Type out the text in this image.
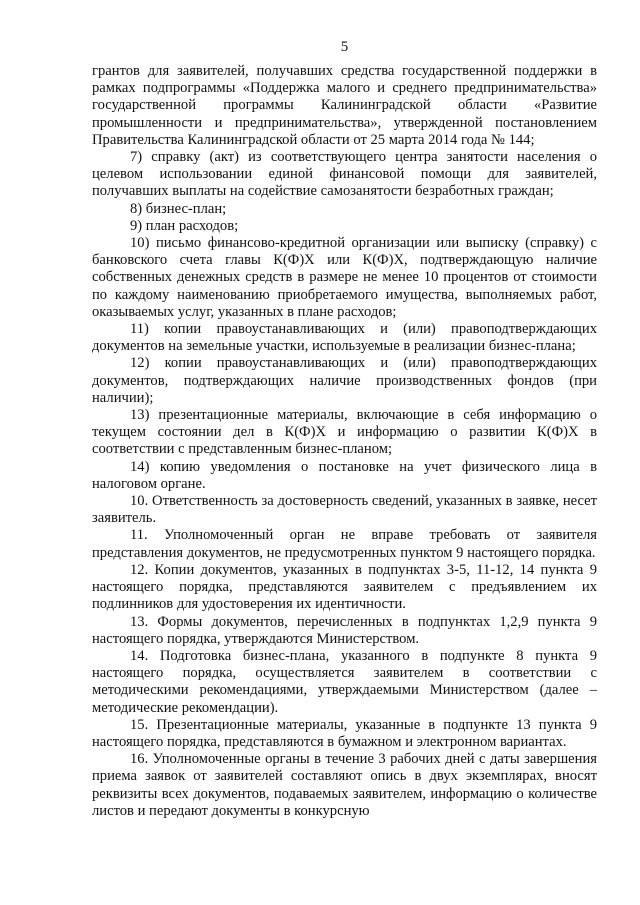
5

грантов для заявителей, получавших средства государственной поддержки в рамках подпрограммы «Поддержка малого и среднего предпринимательства» государственной программы Калининградской области «Развитие промышленности и предпринимательства», утвержденной постановлением Правительства Калининградской области от 25 марта 2014 года № 144;

7) справку (акт) из соответствующего центра занятости населения о целевом использовании единой финансовой помощи для заявителей, получавших выплаты на содействие самозанятости безработных граждан;

8) бизнес-план;

9) план расходов;

10) письмо финансово-кредитной организации или выписку (справку) с банковского счета главы К(Ф)Х или К(Ф)Х, подтверждающую наличие собственных денежных средств в размере не менее 10 процентов от стоимости по каждому наименованию приобретаемого имущества, выполняемых работ, оказываемых услуг, указанных в плане расходов;

11) копии правоустанавливающих и (или) правоподтверждающих документов на земельные участки, используемые в реализации бизнес-плана;

12) копии правоустанавливающих и (или) правоподтверждающих документов, подтверждающих наличие производственных фондов (при наличии);

13) презентационные материалы, включающие в себя информацию о текущем состоянии дел в К(Ф)Х и информацию о развитии К(Ф)Х в соответствии с представленным бизнес-планом;

14) копию уведомления о постановке на учет физического лица в налоговом органе.

10. Ответственность за достоверность сведений, указанных в заявке, несет заявитель.

11. Уполномоченный орган не вправе требовать от заявителя представления документов, не предусмотренных пунктом 9 настоящего порядка.

12. Копии документов, указанных в подпунктах 3-5, 11-12, 14 пункта 9 настоящего порядка, представляются заявителем с предъявлением их подлинников для удостоверения их идентичности.

13. Формы документов, перечисленных в подпунктах 1,2,9 пункта 9 настоящего порядка, утверждаются Министерством.

14. Подготовка бизнес-плана, указанного в подпункте 8 пункта 9 настоящего порядка, осуществляется заявителем в соответствии с методическими рекомендациями, утверждаемыми Министерством (далее – методические рекомендации).

15. Презентационные материалы, указанные в подпункте 13 пункта 9 настоящего порядка, представляются в бумажном и электронном вариантах.

16. Уполномоченные органы в течение 3 рабочих дней с даты завершения приема заявок от заявителей составляют опись в двух экземплярах, вносят реквизиты всех документов, подаваемых заявителем, информацию о количестве листов и передают документы в конкурсную
